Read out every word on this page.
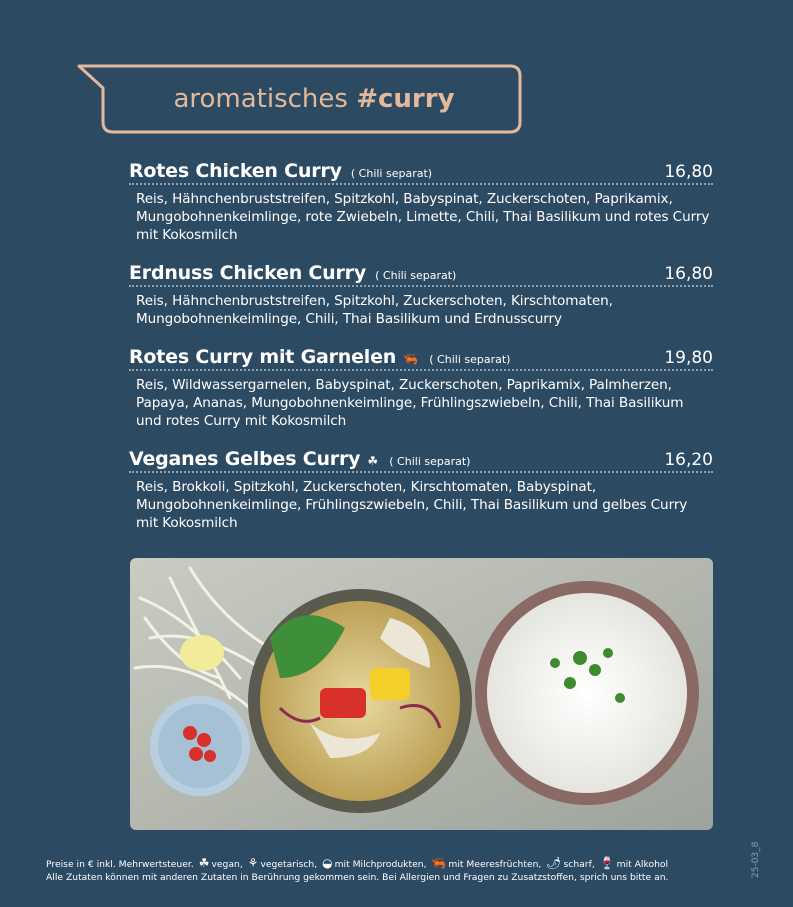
aromatisches #curry
Rotes Chicken Curry ( Chili separat)	16,80
Reis, Hähnchenbruststreifen, Spitzkohl, Babyspinat, Zuckerschoten, Paprikamix, Mungobohnenkeimlinge, rote Zwiebeln, Limette, Chili, Thai Basilikum und rotes Curry mit Kokosmilch
Erdnuss Chicken Curry ( Chili separat)	16,80
Reis, Hähnchenbruststreifen, Spitzkohl, Zuckerschoten, Kirschtomaten, Mungobohnenkeimlinge, Chili, Thai Basilikum und Erdnusscurry
Rotes Curry mit Garnelen 🦐 ( Chili separat)	19,80
Reis, Wildwassergarnelen, Babyspinat, Zuckerschoten, Paprikamix, Palmherzen, Papaya, Ananas, Mungobohnenkeimlinge, Frühlingszwiebeln, Chili, Thai Basilikum und rotes Curry mit Kokosmilch
Veganes Gelbes Curry ☘ ( Chili separat)	16,20
Reis, Brokkoli, Spitzkohl, Zuckerschoten, Kirschtomaten, Babyspinat, Mungobohnenkeimlinge, Frühlingszwiebeln, Chili, Thai Basilikum und gelbes Curry mit Kokosmilch
Preise in € inkl. Mehrwertsteuer. ☘ vegan, ⚘ vegetarisch, ◒ mit Milchprodukten, 🦐 mit Meeresfrüchten, 🌶 scharf, 🍷 mit Alkohol
Alle Zutaten können mit anderen Zutaten in Berührung gekommen sein. Bei Allergien und Fragen zu Zusatzstoffen, sprich uns bitte an.	25-03_8
